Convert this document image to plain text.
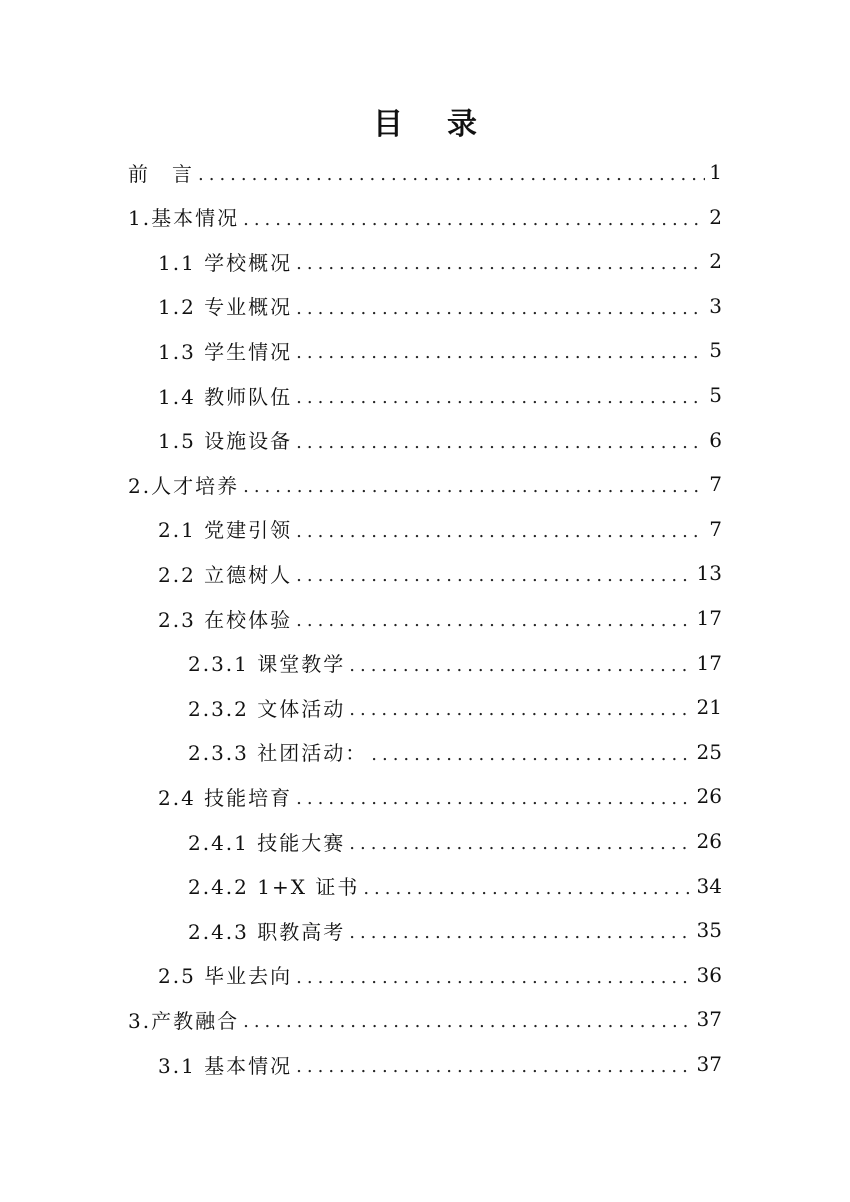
目录
前　言 .....	1
1.基本情况 .....	2
1.1 学校概况 .....	2
1.2 专业概况 .....	3
1.3 学生情况 .....	5
1.4 教师队伍 .....	5
1.5 设施设备 .....	6
2.人才培养 .....	7
2.1 党建引领 .....	7
2.2 立德树人 .....	13
2.3 在校体验 .....	17
2.3.1 课堂教学 .....	17
2.3.2 文体活动 .....	21
2.3.3 社团活动： .....	25
2.4 技能培育 .....	26
2.4.1 技能大赛 .....	26
2.4.2 1+X 证书 .....	34
2.4.3 职教高考 .....	35
2.5 毕业去向 .....	36
3.产教融合 .....	37
3.1 基本情况 .....	37
